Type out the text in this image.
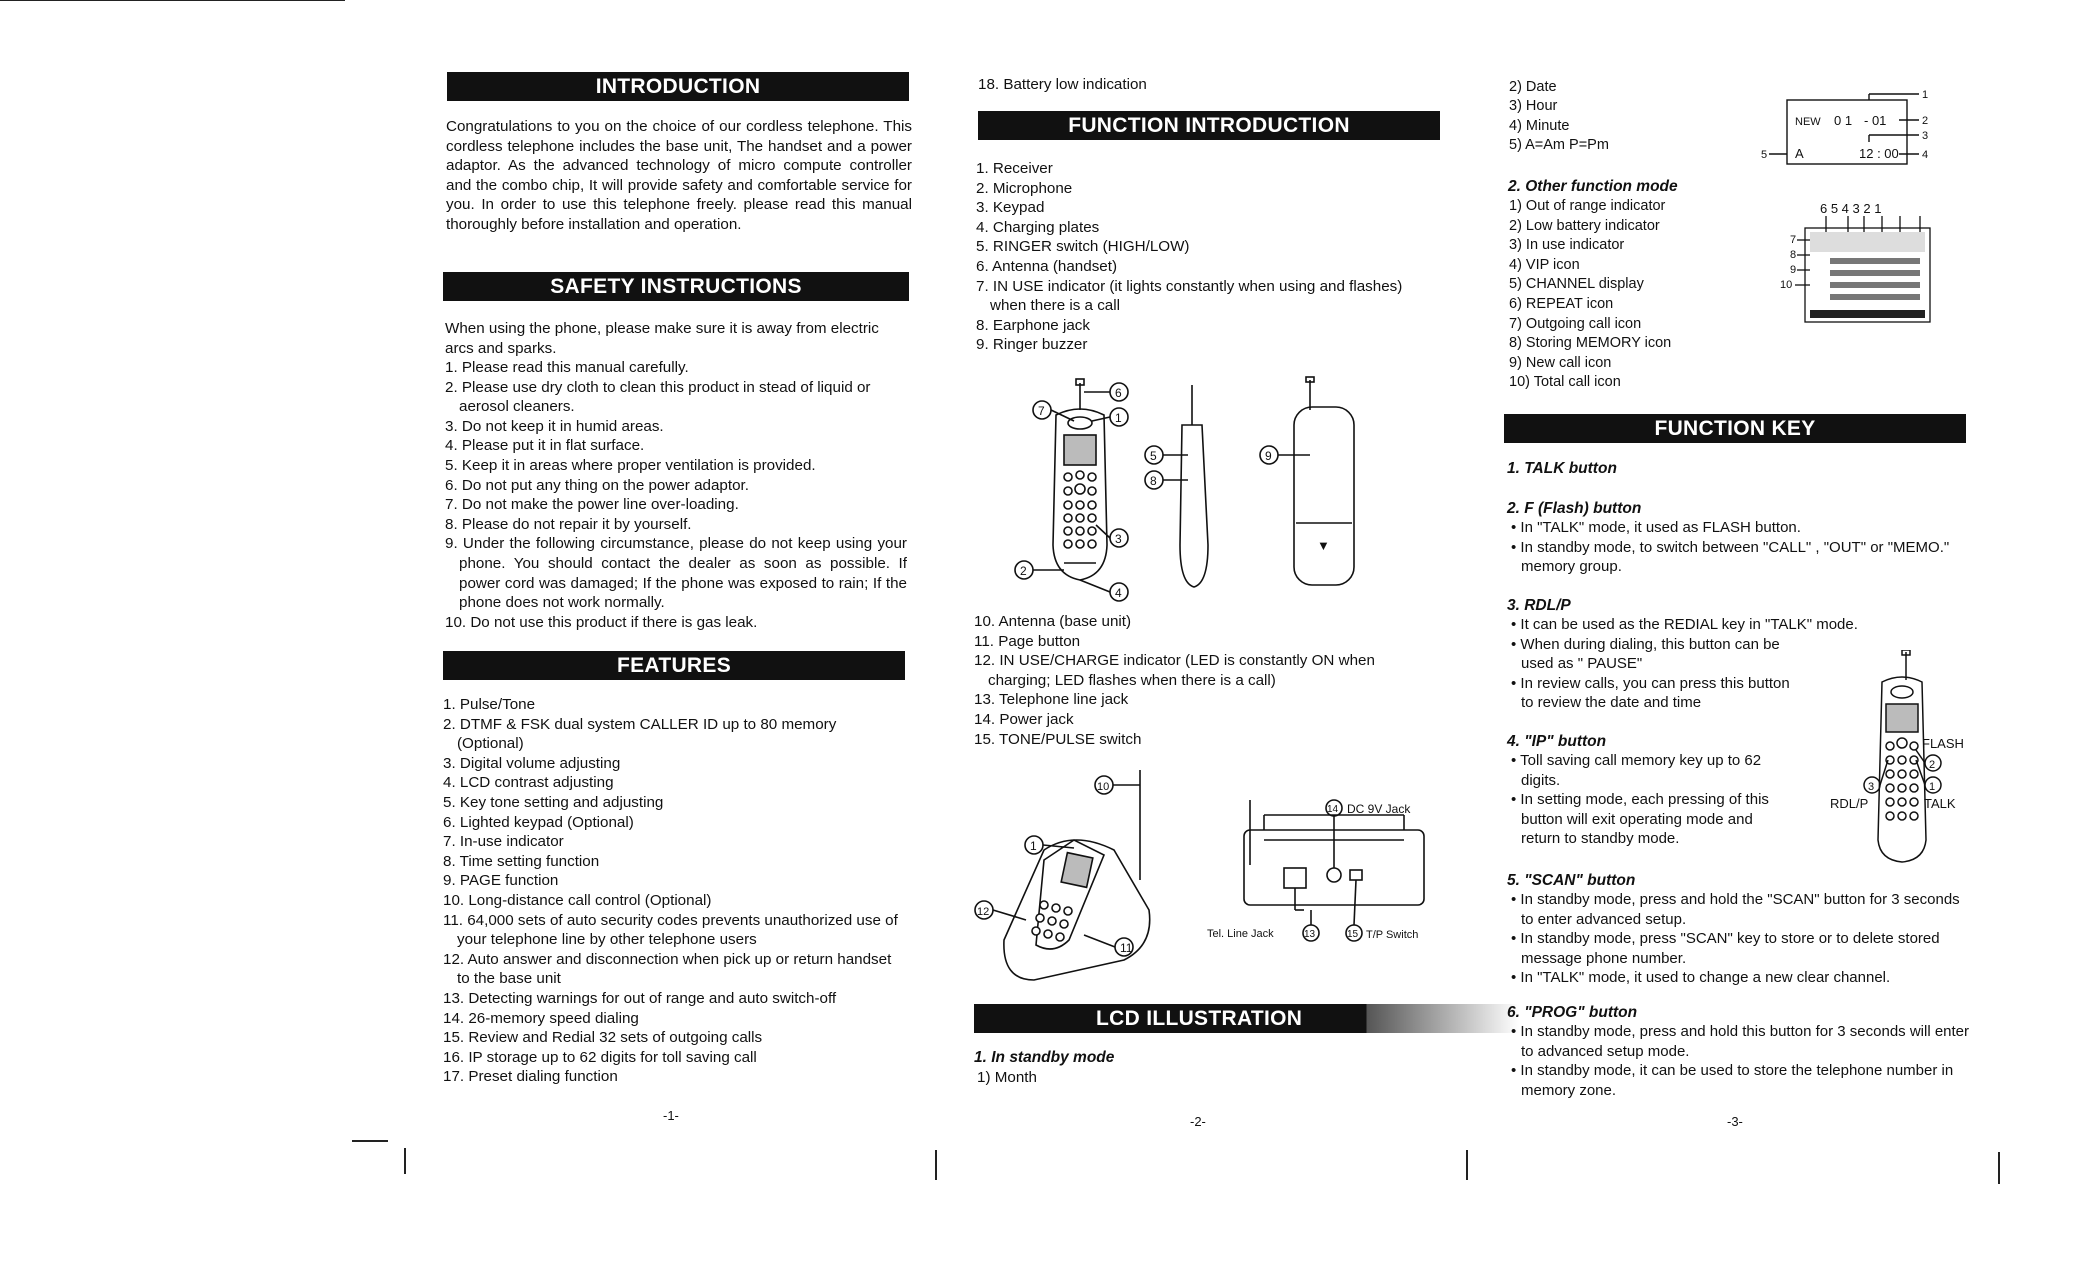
INTRODUCTION
Congratulations to you on the choice of our cordless telephone. This cordless telephone includes the base unit, The handset and a power adaptor. As the advanced technology of micro compute controller and the combo chip, It will provide safety and comfortable service for you. In order to use this telephone freely. please read this manual thoroughly before installation and operation.
SAFETY INSTRUCTIONS
When using the phone, please make sure it is away from electric arcs and sparks.
1. Please read this manual carefully.
2. Please use dry cloth to clean this product in stead of liquid or aerosol cleaners.
3. Do not keep it in humid areas.
4. Please put it in flat surface.
5. Keep it in areas where proper ventilation is provided.
6. Do not put any thing on the power adaptor.
7. Do not make the power line over-loading.
8. Please do not repair it by yourself.
9. Under the following circumstance, please do not keep using your phone. You should contact the dealer as soon as possible. If power cord was damaged; If the phone was exposed to rain; If the phone does not work normally.
10. Do not use this product if there is gas leak.
FEATURES
1. Pulse/Tone
2. DTMF & FSK dual system CALLER ID up to 80 memory (Optional)
3. Digital volume adjusting
4. LCD contrast adjusting
5. Key tone setting and adjusting
6. Lighted keypad (Optional)
7. In-use indicator
8. Time setting function
9. PAGE function
10. Long-distance call control (Optional)
11. 64,000 sets of auto security codes prevents unauthorized use of your telephone line by other telephone users
12. Auto answer and disconnection when pick up or return handset to the base unit
13. Detecting warnings for out of range and auto switch-off
14. 26-memory speed dialing
15. Review and Redial 32 sets of outgoing calls
16. IP storage up to 62 digits for toll saving call
17. Preset dialing function
-1-
18. Battery low indication
FUNCTION INTRODUCTION
1. Receiver
2. Microphone
3. Keypad
4. Charging plates
5. RINGER switch (HIGH/LOW)
6. Antenna (handset)
7. IN USE indicator (it lights constantly when using and flashes) when there is a call
8. Earphone jack
9. Ringer buzzer
7
6
1
3
2
4
5
8
▼
9
10. Antenna (base unit)
11. Page button
12. IN USE/CHARGE indicator (LED is constantly ON when charging; LED flashes when there is a call)
13. Telephone line jack
14. Power jack
15. TONE/PULSE switch
10
1
12
11
14 DC 9V Jack
13
Tel. Line Jack	15 T/P Switch
LCD ILLUSTRATION
1. In standby mode
1) Month
-2-
2) Date
3) Hour
4) Minute
5) A=Am P=Pm
NEW 0 1 - 01
A	12 : 00
1
2
3
4
5
2. Other function mode
1) Out of range indicator
2) Low battery indicator
3) In use indicator
4) VIP icon
5) CHANNEL display
6) REPEAT icon
7) Outgoing call icon
8) Storing MEMORY icon
9) New call icon
10) Total call icon
6 5 4 3 2 1
7
8
9
10
FUNCTION KEY
1. TALK button
2. F (Flash) button
• In "TALK" mode, it used as FLASH button.
• In standby mode, to switch between "CALL" , "OUT" or "MEMO." memory group.
3. RDL/P
• It can be used as the REDIAL key in "TALK" mode.
• When during dialing, this button can be used as " PAUSE"
• In review calls, you can press this button to review the date and time
4. "IP" button
• Toll saving call memory key up to 62 digits.
• In setting mode, each pressing of this button will exit operating mode and return to standby mode.
FLASH
2
1
TALK
3
RDL/P
5. "SCAN" button
• In standby mode, press and hold the "SCAN" button for 3 seconds to enter advanced setup.
• In standby mode, press "SCAN" key to store or to delete stored message phone number.
• In "TALK" mode, it used to change a new clear channel.
6. "PROG" button
• In standby mode, press and hold this button for 3 seconds will enter to advanced setup mode.
• In standby mode, it can be used to store the telephone number in memory zone.
-3-
